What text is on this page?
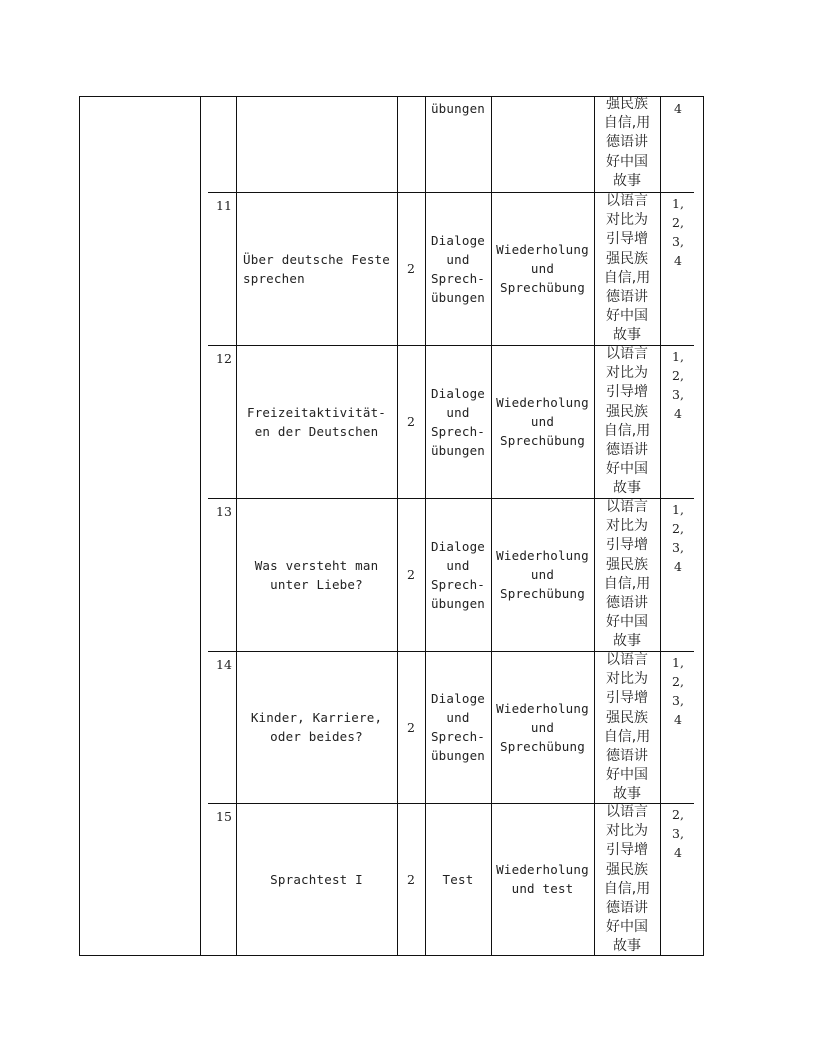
übungen	强民族
自信,用
德语讲
好中国
故事
4
11
Über deutsche Feste sprechen
2
Dialoge
und
Sprech-
übungen
Wiederholung
und
Sprechübung
以语言
对比为
引导增
强民族
自信,用
德语讲
好中国
故事
1,
2,
3,
4
12
Freizeitaktivität-en der Deutschen
2
Dialoge
und
Sprech-
übungen
Wiederholung
und
Sprechübung
以语言
对比为
引导增
强民族
自信,用
德语讲
好中国
故事
1,
2,
3,
4
13
Was versteht man unter Liebe?
2
Dialoge
und
Sprech-
übungen
Wiederholung
und
Sprechübung
以语言
对比为
引导增
强民族
自信,用
德语讲
好中国
故事
1,
2,
3,
4
14
Kinder, Karriere, oder beides?
2
Dialoge
und
Sprech-
übungen
Wiederholung
und
Sprechübung
以语言
对比为
引导增
强民族
自信,用
德语讲
好中国
故事
1,
2,
3,
4
15
Sprachtest I	2 Test
Wiederholung
und test
以语言
对比为
引导增
强民族
自信,用
德语讲
好中国
故事
2,
3,
4
